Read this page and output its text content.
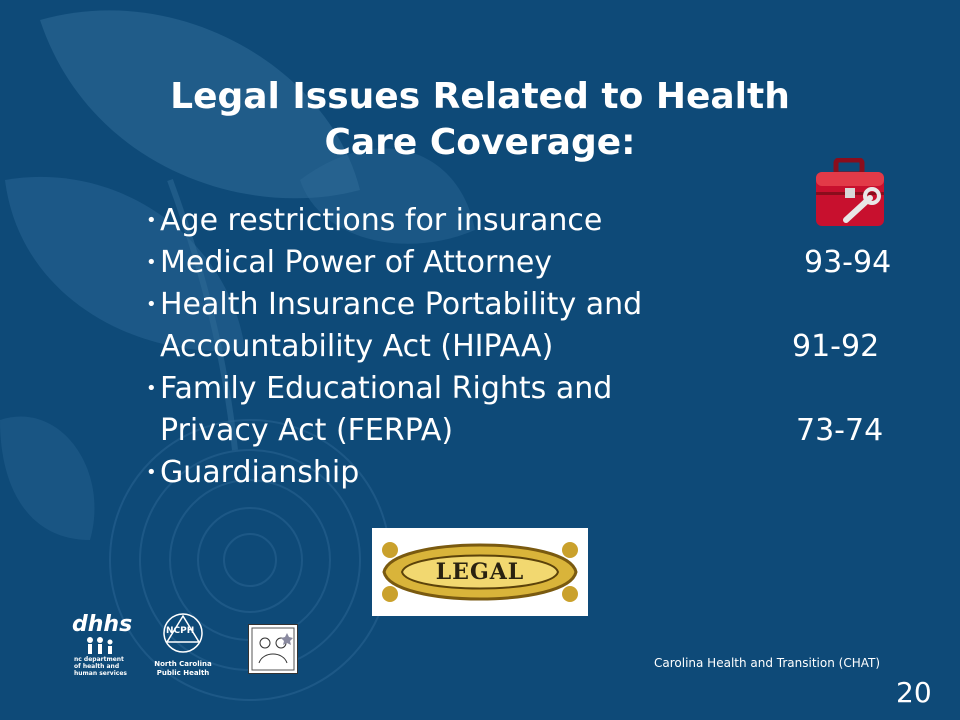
Legal Issues Related to Health
Care Coverage:
• Age restrictions for insurance
• Medical Power of Attorney	93-94
• Health Insurance Portability and
Accountability Act (HIPAA)	91-92
• Family Educational Rights and
Privacy Act (FERPA)	73-74
• Guardianship
LEGAL
dhhs
nc department
of health and
human services
NCPH
North Carolina
Public Health
Carolina Health and Transition (CHAT)
20
